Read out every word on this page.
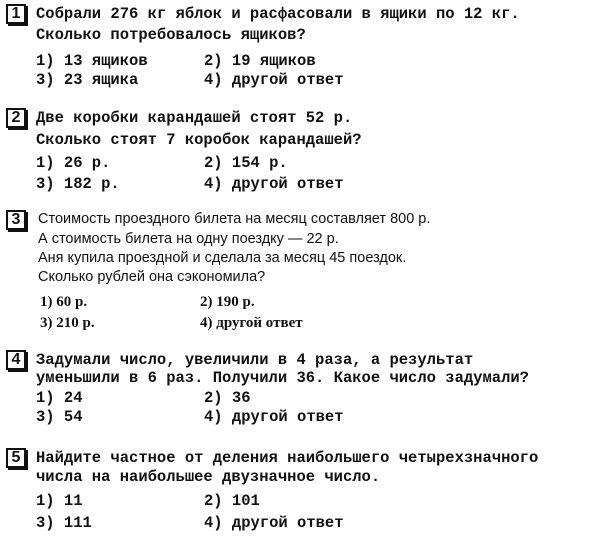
1	Собрали 276 кг яблок и расфасовали в ящики по 12 кг.
Сколько потребовалось ящиков?
1) 13 ящиков	2) 19 ящиков
3) 23 ящика	4) другой ответ
2	Две коробки карандашей стоят 52 р.
Сколько стоят 7 коробок карандашей?
1) 26 р.	2) 154 р.
3) 182 р.	4) другой ответ
3	Стоимость проездного билета на месяц составляет 800 р.
А стоимость билета на одну поездку — 22 р.
Аня купила проездной и сделала за месяц 45 поездок.
Сколько рублей она сэкономила?
1) 60 р.	2) 190 р.
3) 210 р.	4) другой ответ
4	Задумали число, увеличили в 4 раза, а результат
уменьшили в 6 раз. Получили 36. Какое число задумали?
1) 24	2) 36
3) 54	4) другой ответ
5	Найдите частное от деления наибольшего четырехзначного
числа на наибольшее двузначное число.
1) 11	2) 101
3) 111	4) другой ответ
